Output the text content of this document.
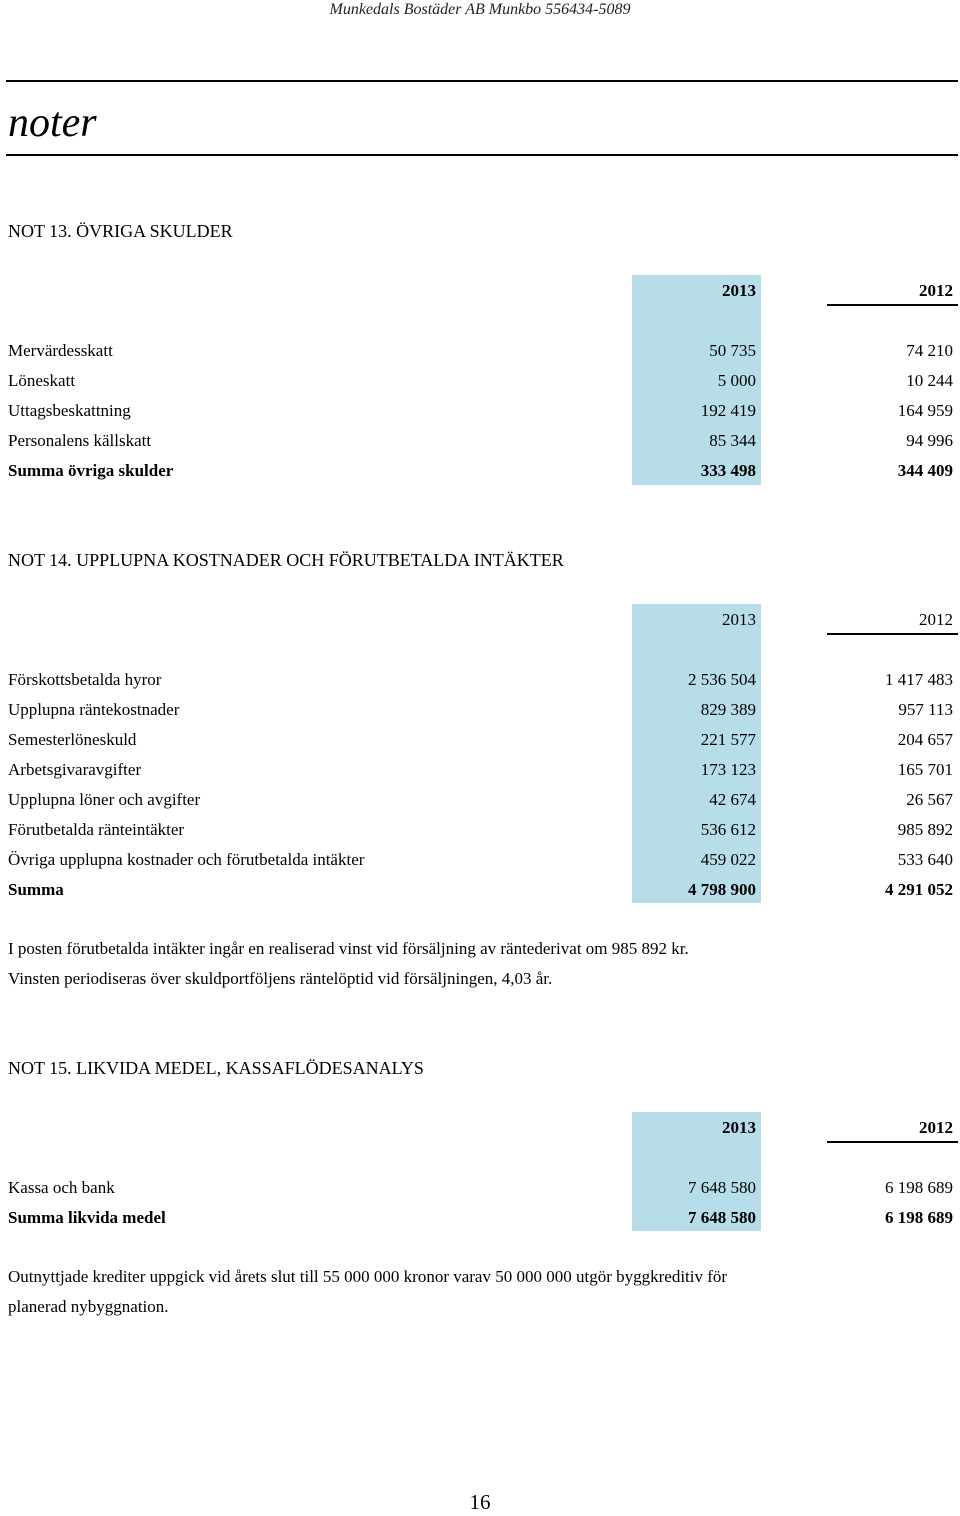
Munkedals Bostäder AB Munkbo 556434-5089
noter
NOT 13. ÖVRIGA SKULDER
2013	2012
Mervärdesskatt	50 735	74 210
Löneskatt	5 000	10 244
Uttagsbeskattning	192 419	164 959
Personalens källskatt	85 344	94 996
Summa övriga skulder	333 498	344 409
NOT 14. UPPLUPNA KOSTNADER OCH FÖRUTBETALDA INTÄKTER
2013	2012
Förskottsbetalda hyror	2 536 504	1 417 483
Upplupna räntekostnader	829 389	957 113
Semesterlöneskuld	221 577	204 657
Arbetsgivaravgifter	173 123	165 701
Upplupna löner och avgifter	42 674	26 567
Förutbetalda ränteintäkter	536 612	985 892
Övriga upplupna kostnader och förutbetalda intäkter	459 022	533 640
Summa	4 798 900	4 291 052
I posten förutbetalda intäkter ingår en realiserad vinst vid försäljning av räntederivat om 985 892 kr.
Vinsten periodiseras över skuldportföljens räntelöptid vid försäljningen, 4,03 år.
NOT 15. LIKVIDA MEDEL, KASSAFLÖDESANALYS
2013	2012
Kassa och bank	7 648 580	6 198 689
Summa likvida medel	7 648 580	6 198 689
Outnyttjade krediter uppgick vid årets slut till 55 000 000 kronor varav 50 000 000 utgör byggkreditiv för
planerad nybyggnation.
16
